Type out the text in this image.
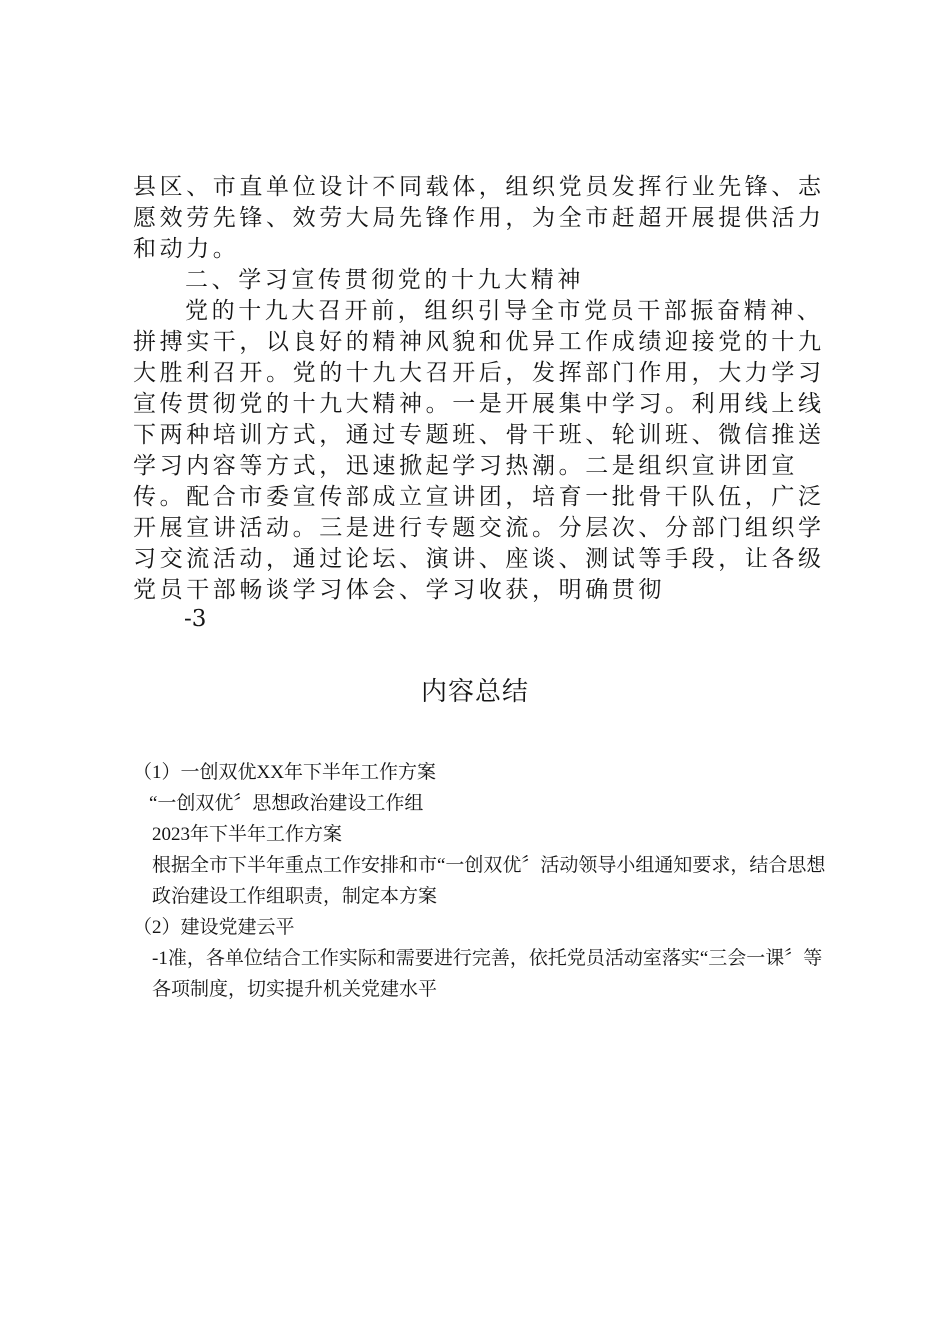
县区、市直单位设计不同载体，组织党员发挥行业先锋、志愿效劳先锋、效劳大局先锋作用，为全市赶超开展提供活力和动力。

二、学习宣传贯彻党的十九大精神

党的十九大召开前，组织引导全市党员干部振奋精神、拼搏实干，以良好的精神风貌和优异工作成绩迎接党的十九大胜利召开。党的十九大召开后，发挥部门作用，大力学习宣传贯彻党的十九大精神。一是开展集中学习。利用线上线下两种培训方式，通过专题班、骨干班、轮训班、微信推送学习内容等方式，迅速掀起学习热潮。二是组织宣讲团宣传。配合市委宣传部成立宣讲团，培育一批骨干队伍，广泛开展宣讲活动。三是进行专题交流。分层次、分部门组织学习交流活动，通过论坛、演讲、座谈、测试等手段，让各级党员干部畅谈学习体会、学习收获，明确贯彻

-3
内容总结

（1）一创双优XX年下半年工作方案

“一创双优〞思想政治建设工作组

2023年下半年工作方案

根据全市下半年重点工作安排和市“一创双优〞活动领导小组通知要求，结合思想政治建设工作组职责，制定本方案

（2）建设党建云平

-1准，各单位结合工作实际和需要进行完善，依托党员活动室落实“三会一课〞等各项制度，切实提升机关党建水平
